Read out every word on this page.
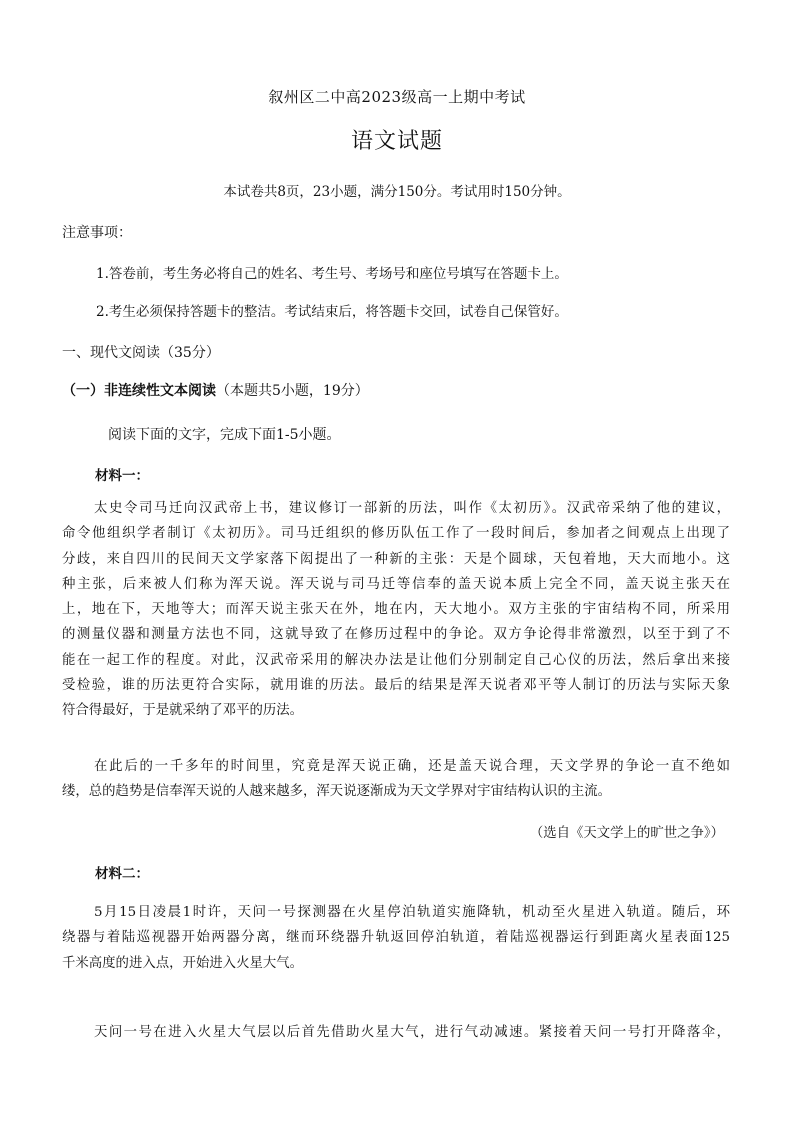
叙州区二中高2023级高一上期中考试
语文试题
本试卷共8页，23小题，满分150分。考试用时150分钟。
注意事项：
1.答卷前，考生务必将自己的姓名、考生号、考场号和座位号填写在答题卡上。
2.考生必须保持答题卡的整洁。考试结束后，将答题卡交回，试卷自己保管好。
一、现代文阅读（35分）
（一）非连续性文本阅读（本题共5小题，19分）
阅读下面的文字，完成下面1-5小题。
材料一：
太史令司马迁向汉武帝上书，建议修订一部新的历法，叫作《太初历》。汉武帝采纳了他的建议，
命令他组织学者制订《太初历》。司马迁组织的修历队伍工作了一段时间后，参加者之间观点上出现了
分歧，来自四川的民间天文学家落下闳提出了一种新的主张：天是个圆球，天包着地，天大而地小。这
种主张，后来被人们称为浑天说。浑天说与司马迁等信奉的盖天说本质上完全不同，盖天说主张天在
上，地在下，天地等大；而浑天说主张天在外，地在内，天大地小。双方主张的宇宙结构不同，所采用
的测量仪器和测量方法也不同，这就导致了在修历过程中的争论。双方争论得非常激烈，以至于到了不
能在一起工作的程度。对此，汉武帝采用的解决办法是让他们分别制定自己心仪的历法，然后拿出来接
受检验，谁的历法更符合实际，就用谁的历法。最后的结果是浑天说者邓平等人制订的历法与实际天象
符合得最好，于是就采纳了邓平的历法。
在此后的一千多年的时间里，究竟是浑天说正确，还是盖天说合理，天文学界的争论一直不绝如
缕，总的趋势是信奉浑天说的人越来越多，浑天说逐渐成为天文学界对宇宙结构认识的主流。
（选自《天文学上的旷世之争》）
材料二：
5月15日凌晨1时许，天问一号探测器在火星停泊轨道实施降轨，机动至火星进入轨道。随后，环
绕器与着陆巡视器开始两器分离，继而环绕器升轨返回停泊轨道，着陆巡视器运行到距离火星表面125
千米高度的进入点，开始进入火星大气。
天问一号在进入火星大气层以后首先借助火星大气，进行气动减速。紧接着天问一号打开降落伞，
